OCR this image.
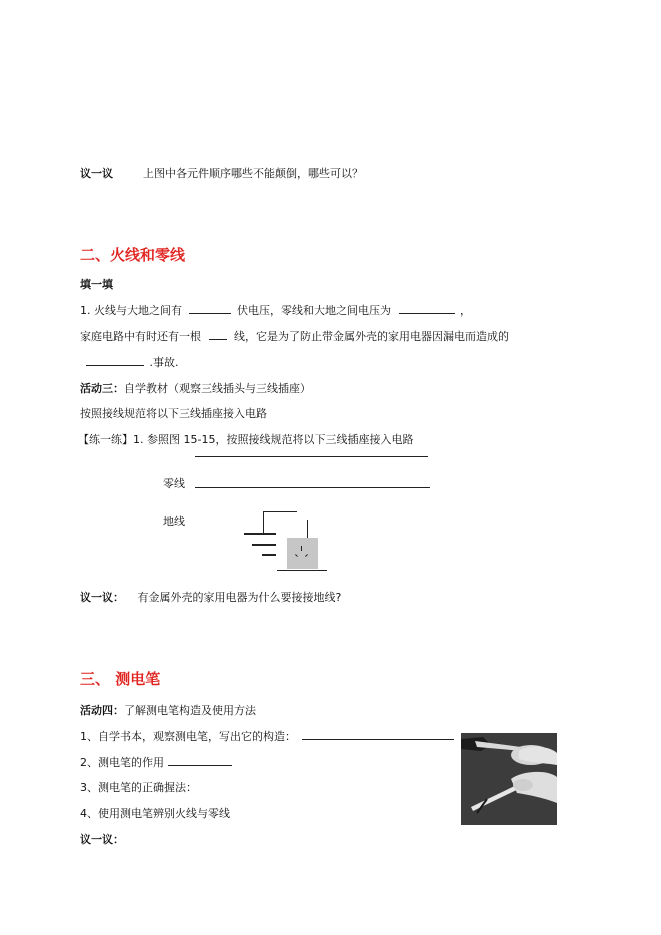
议一议	上图中各元件顺序哪些不能颠倒，哪些可以？
二、火线和零线
填一填
1. 火线与大地之间有	伏电压，零线和大地之间电压为	，
家庭电路中有时还有一根	线，它是为了防止带金属外壳的家用电器因漏电而造成的
.事故.
活动三：自学教材（观察三线插头与三线插座）
按照接线规范将以下三线插座接入电路
【练一练】1. 参照图 15-15，按照接线规范将以下三线插座接入电路
零线
地线
议一议： 有金属外壳的家用电器为什么要接接地线?
三、 测电笔
活动四：了解测电笔构造及使用方法
1、自学书本，观察测电笔，写出它的构造：
2、测电笔的作用
3、测电笔的正确握法：
4、使用测电笔辨别火线与零线
议一议：
